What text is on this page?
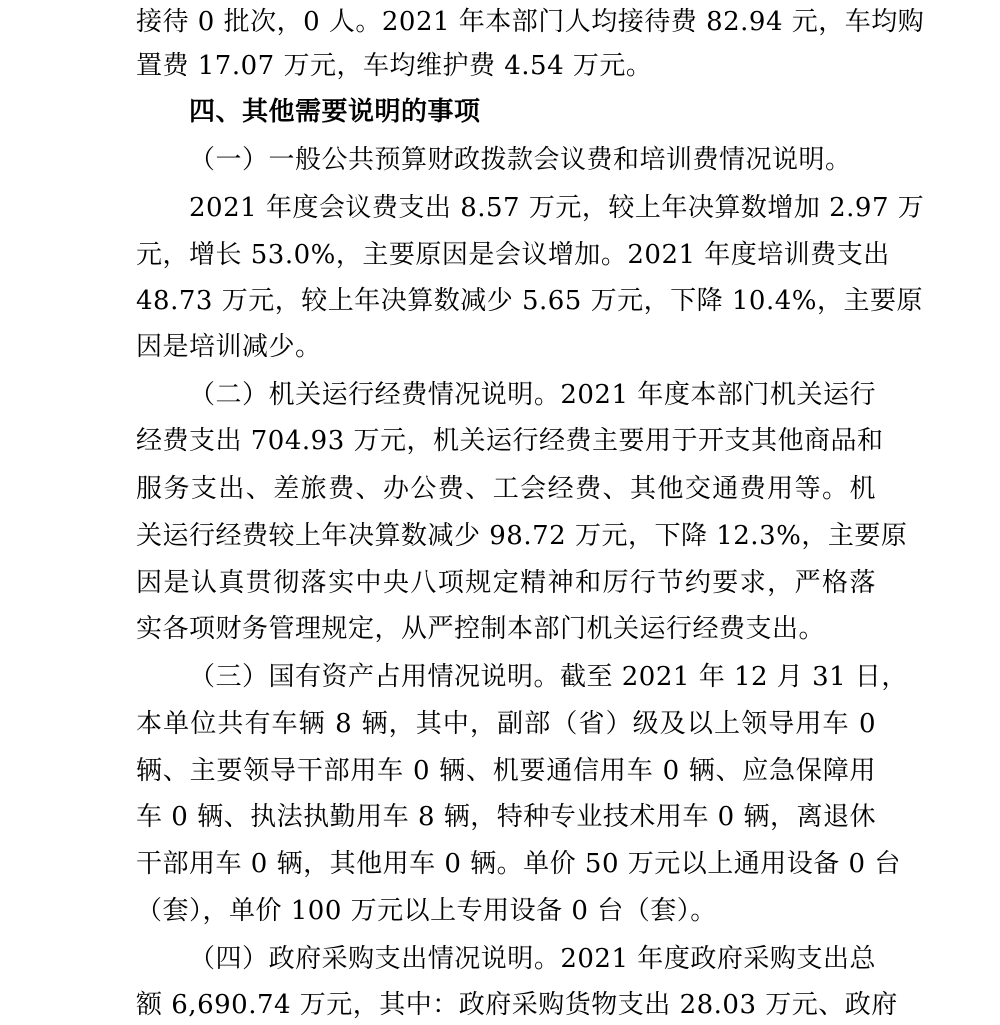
接待 0 批次，0 人。2021 年本部门人均接待费 82.94 元，车均购
置费 17.07 万元，车均维护费 4.54 万元。
四、其他需要说明的事项
（一）一般公共预算财政拨款会议费和培训费情况说明。
2021 年度会议费支出 8.57 万元，较上年决算数增加 2.97 万
元，增长 53.0%，主要原因是会议增加。2021 年度培训费支出
48.73 万元，较上年决算数减少 5.65 万元，下降 10.4%，主要原
因是培训减少。
（二）机关运行经费情况说明。2021 年度本部门机关运行
经费支出 704.93 万元，机关运行经费主要用于开支其他商品和
服务支出、差旅费、办公费、工会经费、其他交通费用等。机
关运行经费较上年决算数减少 98.72 万元，下降 12.3%，主要原
因是认真贯彻落实中央八项规定精神和厉行节约要求，严格落
实各项财务管理规定，从严控制本部门机关运行经费支出。
（三）国有资产占用情况说明。截至 2021 年 12 月 31 日，
本单位共有车辆 8 辆，其中，副部（省）级及以上领导用车 0
辆、主要领导干部用车 0 辆、机要通信用车 0 辆、应急保障用
车 0 辆、执法执勤用车 8 辆，特种专业技术用车 0 辆，离退休
干部用车 0 辆，其他用车 0 辆。单价 50 万元以上通用设备 0 台
（套），单价 100 万元以上专用设备 0 台（套）。
（四）政府采购支出情况说明。2021 年度政府采购支出总
额 6,690.74 万元，其中：政府采购货物支出 28.03 万元、政府
